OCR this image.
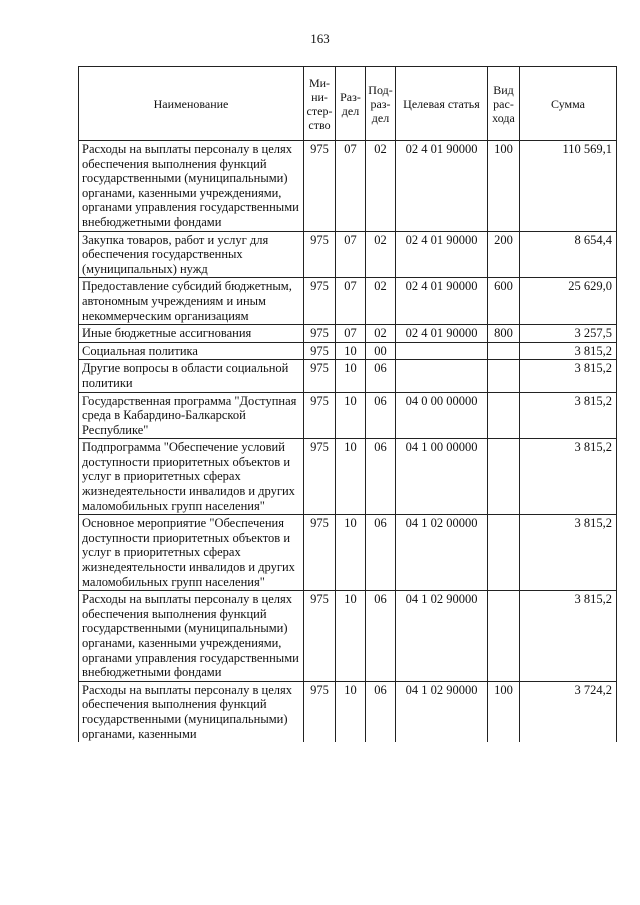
163
Наименование	Ми-ни-стер-ство	Раз-дел	Под-раз-дел	Целевая статья	Вид рас-хода	Сумма
Расходы на выплаты персоналу в целях обеспечения выполнения функций государственными (муниципальными) органами, казенными учреждениями, органами управления государственными внебюджетными фондами	975	07	02	02 4 01 90000	100	110 569,1
Закупка товаров, работ и услуг для обеспечения государственных (муниципальных) нужд	975	07	02	02 4 01 90000	200	8 654,4
Предоставление субсидий бюджетным, автономным учреждениям и иным некоммерческим организациям	975	07	02	02 4 01 90000	600	25 629,0
Иные бюджетные ассигнования	975	07	02	02 4 01 90000	800	3 257,5
Социальная политика	975	10	00			3 815,2
Другие вопросы в области социальной политики	975	10	06			3 815,2
Государственная программа "Доступная среда в Кабардино-Балкарской Республике"	975	10	06	04 0 00 00000		3 815,2
Подпрограмма "Обеспечение условий доступности приоритетных объектов и услуг в приоритетных сферах жизнедеятельности инвалидов и других маломобильных групп населения"	975	10	06	04 1 00 00000		3 815,2
Основное мероприятие "Обеспечения доступности приоритетных объектов и услуг в приоритетных сферах жизнедеятельности инвалидов и других маломобильных групп населения"	975	10	06	04 1 02 00000		3 815,2
Расходы на выплаты персоналу в целях обеспечения выполнения функций государственными (муниципальными) органами, казенными учреждениями, органами управления государственными внебюджетными фондами	975	10	06	04 1 02 90000		3 815,2
Расходы на выплаты персоналу в целях обеспечения выполнения функций государственными (муниципальными) органами, казенными	975	10	06	04 1 02 90000	100	3 724,2
